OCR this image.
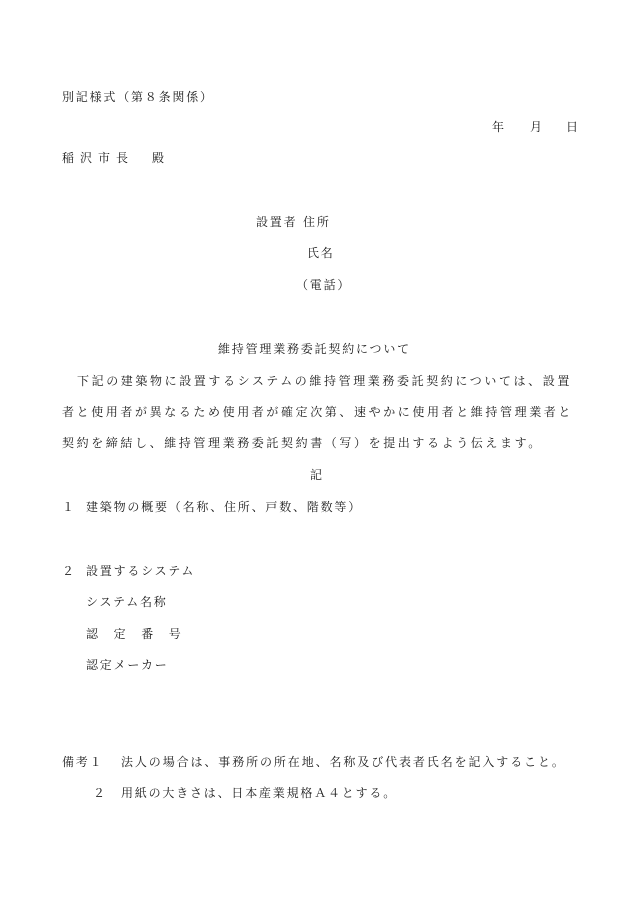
別記様式（第８条関係）
年 月 日
稲沢市長　殿
設置者 住所
氏名
（電話）
維持管理業務委託契約について
下記の建築物に設置するシステムの維持管理業務委託契約については、設置
者と使用者が異なるため使用者が確定次第、速やかに使用者と維持管理業者と
契約を締結し、維持管理業務委託契約書（写）を提出するよう伝えます。
記
１ 建築物の概要（名称、住所、戸数、階数等）
２ 設置するシステム
システム名称
認　定　番　号
認定メーカー
備考１ 法人の場合は、事務所の所在地、名称及び代表者氏名を記入すること。
２ 用紙の大きさは、日本産業規格Ａ４とする。
